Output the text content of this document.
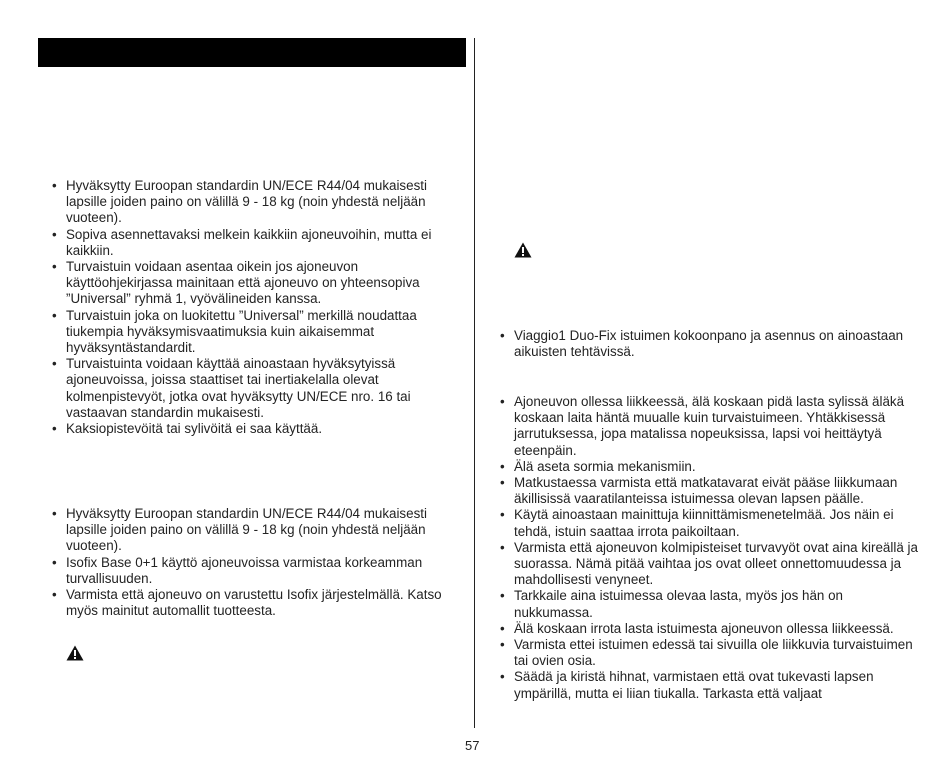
• Hyväksytty Euroopan standardin UN/ECE R44/04 mukaisesti lapsille joiden paino on välillä 9 - 18 kg (noin yhdestä neljään vuoteen).
• Sopiva asennettavaksi melkein kaikkiin ajoneuvoihin, mutta ei kaikkiin.
• Turvaistuin voidaan asentaa oikein jos ajoneuvon käyttöohjekirjassa mainitaan että ajoneuvo on yhteensopiva ”Universal” ryhmä 1, vyövälineiden kanssa.
• Turvaistuin joka on luokitettu ”Universal” merkillä noudattaa tiukempia hyväksymisvaatimuksia kuin aikaisemmat hyväksyntästandardit.
• Turvaistuinta voidaan käyttää ainoastaan hyväksytyissä ajoneuvoissa, joissa staattiset tai inertiakelalla olevat kolmenpistevyöt, jotka ovat hyväksytty UN/ECE nro. 16 tai vastaavan standardin mukaisesti.
• Kaksiopistevöitä tai sylivöitä ei saa käyttää.
• Hyväksytty Euroopan standardin UN/ECE R44/04 mukaisesti lapsille joiden paino on välillä 9 - 18 kg (noin yhdestä neljään vuoteen).
• Isofix Base 0+1 käyttö ajoneuvoissa varmistaa korkeamman turvallisuuden.
• Varmista että ajoneuvo on varustettu Isofix järjestelmällä. Katso myös mainitut automallit tuotteesta.
• Viaggio1 Duo-Fix istuimen kokoonpano ja asennus on ainoastaan aikuisten tehtävissä.
• Ajoneuvon ollessa liikkeessä, älä koskaan pidä lasta sylissä äläkä koskaan laita häntä muualle kuin turvaistuimeen. Yhtäkkisessä jarrutuksessa, jopa matalissa nopeuksissa, lapsi voi heittäytyä eteenpäin.
• Älä aseta sormia mekanismiin.
• Matkustaessa varmista että matkatavarat eivät pääse liikkumaan äkillisissä vaaratilanteissa istuimessa olevan lapsen päälle.
• Käytä ainoastaan mainittuja kiinnittämismenetelmää. Jos näin ei tehdä, istuin saattaa irrota paikoiltaan.
• Varmista että ajoneuvon kolmipisteiset turvavyöt ovat aina kireällä ja suorassa. Nämä pitää vaihtaa jos ovat olleet onnettomuudessa ja mahdollisesti venyneet.
• Tarkkaile aina istuimessa olevaa lasta, myös jos hän on nukkumassa.
• Älä koskaan irrota lasta istuimesta ajoneuvon ollessa liikkeessä.
• Varmista ettei istuimen edessä tai sivuilla ole liikkuvia turvaistuimen tai ovien osia.
• Säädä ja kiristä hihnat, varmistaen että ovat tukevasti lapsen ympärillä, mutta ei liian tiukalla. Tarkasta että valjaat
57
